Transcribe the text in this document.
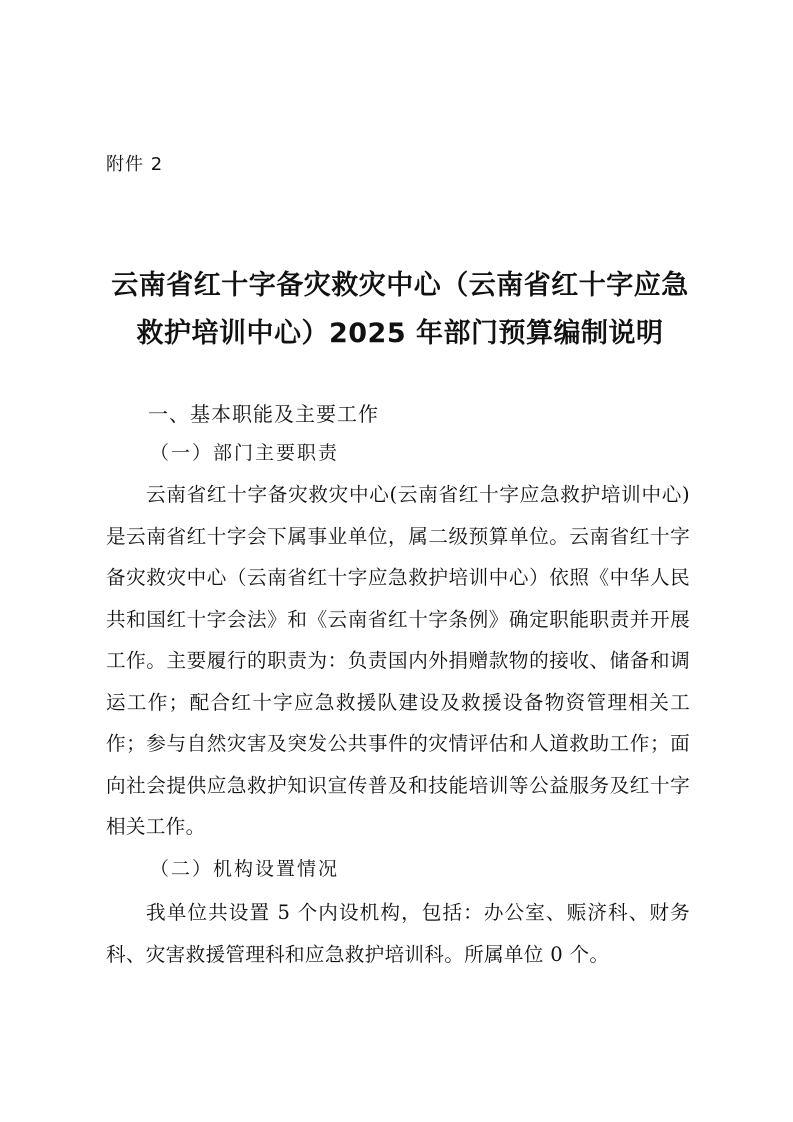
附件 2
云南省红十字备灾救灾中心（云南省红十字应急救护培训中心）2025 年部门预算编制说明
一、基本职能及主要工作
（一）部门主要职责

云南省红十字备灾救灾中心(云南省红十字应急救护培训中心)是云南省红十字会下属事业单位，属二级预算单位。云南省红十字备灾救灾中心（云南省红十字应急救护培训中心）依照《中华人民共和国红十字会法》和《云南省红十字条例》确定职能职责并开展工作。主要履行的职责为：负责国内外捐赠款物的接收、储备和调运工作；配合红十字应急救援队建设及救援设备物资管理相关工作；参与自然灾害及突发公共事件的灾情评估和人道救助工作；面向社会提供应急救护知识宣传普及和技能培训等公益服务及红十字相关工作。

（二）机构设置情况

我单位共设置 5 个内设机构，包括：办公室、赈济科、财务科、灾害救援管理科和应急救护培训科。所属单位 0 个。
